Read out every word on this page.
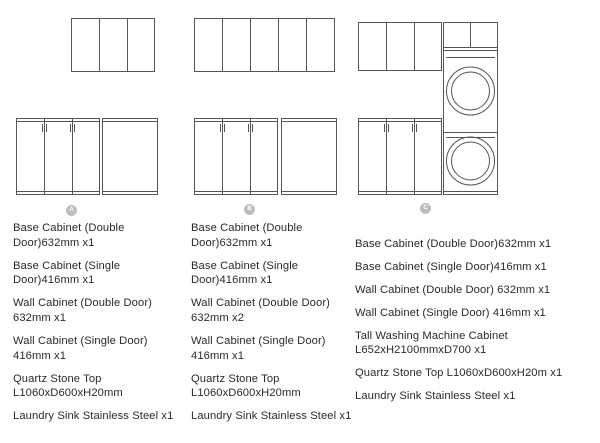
A	B	C
Base Cabinet (Double Door)632mm x1
Base Cabinet (Single Door)416mm x1
Wall Cabinet (Double Door) 632mm x1
Wall Cabinet (Single Door) 416mm x1
Quartz Stone Top L1060xD600xH20mm
Laundry Sink Stainless Steel x1
Base Cabinet (Double Door)632mm x1
Base Cabinet (Single Door)416mm x1
Wall Cabinet (Double Door) 632mm x2
Wall Cabinet (Single Door) 416mm x1
Quartz Stone Top L1060xD600xH20mm
Laundry Sink Stainless Steel x1
Base Cabinet (Double Door)632mm x1
Base Cabinet (Single Door)416mm x1
Wall Cabinet (Double Door) 632mm x1
Wall Cabinet (Single Door) 416mm x1
Tall Washing Machine Cabinet L652xH2100mmxD700 x1
Quartz Stone Top L1060xD600xH20m x1
Laundry Sink Stainless Steel x1
